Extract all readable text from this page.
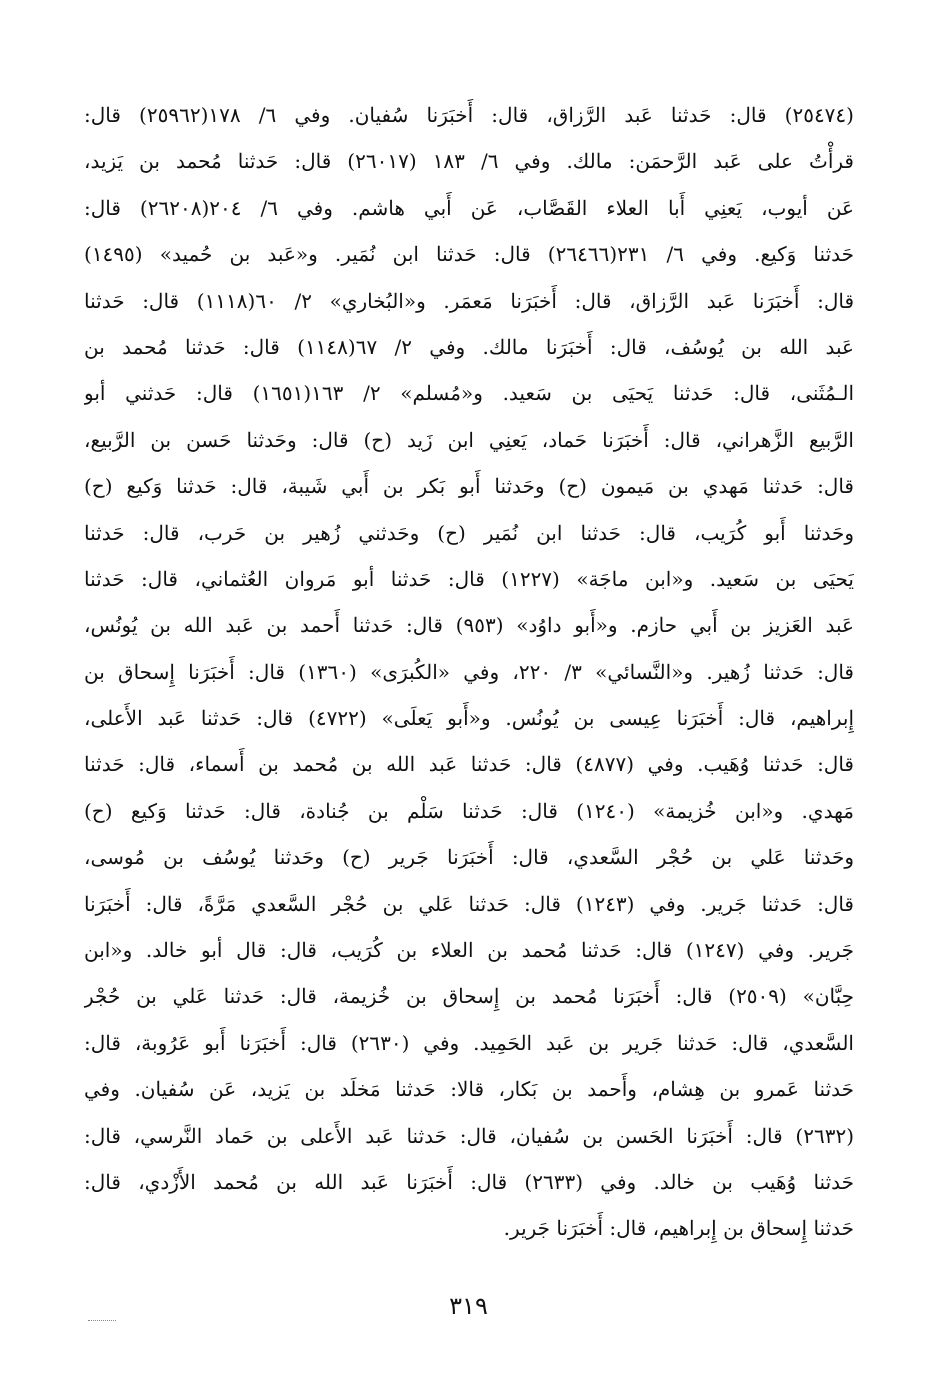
(٢٥٤٧٤) قال: حَدثنا عَبد الرَّزاق، قال: أَخبَرَنا سُفيان. وفي ٦/ ١٧٨(٢٥٩٦٢) قال:
قرأْتُ على عَبد الرَّحمَن: مالك. وفي ٦/ ١٨٣ (٢٦٠١٧) قال: حَدثنا مُحمد بن يَزيد،
عَن أيوب، يَعنِي أَبا العلاء القَصَّاب، عَن أَبي هاشم. وفي ٦/ ٢٠٤(٢٦٢٠٨) قال:
حَدثنا وَكيع. وفي ٦/ ٢٣١(٢٦٤٦٦) قال: حَدثنا ابن نُمَير. و«عَبد بن حُميد» (١٤٩٥)
قال: أَخبَرَنا عَبد الرَّزاق، قال: أَخبَرَنا مَعمَر. و«البُخاري» ٢/ ٦٠(١١١٨) قال: حَدثنا
عَبد الله بن يُوسُف، قال: أَخبَرَنا مالك. وفي ٢/ ٦٧(١١٤٨) قال: حَدثنا مُحمد بن
الـمُثَنى، قال: حَدثنا يَحيَى بن سَعيد. و«مُسلم» ٢/ ١٦٣(١٦٥١) قال: حَدثني أبو
الرَّبيع الزَّهراني، قال: أَخبَرَنا حَماد، يَعنِي ابن زَيد (ح) قال: وحَدثنا حَسن بن الرَّبيع،
قال: حَدثنا مَهدي بن مَيمون (ح) وحَدثنا أَبو بَكر بن أَبي شَيبة، قال: حَدثنا وَكيع (ح)
وحَدثنا أَبو كُرَيب، قال: حَدثنا ابن نُمَير (ح) وحَدثني زُهير بن حَرب، قال: حَدثنا
يَحيَى بن سَعيد. و«ابن ماجَة» (١٢٢٧) قال: حَدثنا أبو مَروان العُثماني، قال: حَدثنا
عَبد العَزيز بن أَبي حازم. و«أَبو داوُد» (٩٥٣) قال: حَدثنا أَحمد بن عَبد الله بن يُونُس،
قال: حَدثنا زُهير. و«النَّسائي» ٣/ ٢٢٠، وفي «الكُبرَى» (١٣٦٠) قال: أَخبَرَنا إِسحاق بن
إِبراهيم، قال: أَخبَرَنا عِيسى بن يُونُس. و«أَبو يَعلَى» (٤٧٢٢) قال: حَدثنا عَبد الأَعلى،
قال: حَدثنا وُهَيب. وفي (٤٨٧٧) قال: حَدثنا عَبد الله بن مُحمد بن أَسماء، قال: حَدثنا
مَهدي. و«ابن خُزيمة» (١٢٤٠) قال: حَدثنا سَلْم بن جُنادة، قال: حَدثنا وَكيع (ح)
وحَدثنا عَلي بن حُجْر السَّعدي، قال: أَخبَرَنا جَرير (ح) وحَدثنا يُوسُف بن مُوسى،
قال: حَدثنا جَرير. وفي (١٢٤٣) قال: حَدثنا عَلي بن حُجْر السَّعدي مَرَّةً، قال: أَخبَرَنا
جَرير. وفي (١٢٤٧) قال: حَدثنا مُحمد بن العلاء بن كُرَيب، قال: قال أبو خالد. و«ابن
حِبَّان» (٢٥٠٩) قال: أَخبَرَنا مُحمد بن إِسحاق بن خُزيمة، قال: حَدثنا عَلي بن حُجْر
السَّعدي، قال: حَدثنا جَرير بن عَبد الحَمِيد. وفي (٢٦٣٠) قال: أَخبَرَنا أَبو عَرُوبة، قال:
حَدثنا عَمرو بن هِشام، وأَحمد بن بَكار، قالا: حَدثنا مَخلَد بن يَزيد، عَن سُفيان. وفي
(٢٦٣٢) قال: أَخبَرَنا الحَسن بن سُفيان، قال: حَدثنا عَبد الأَعلى بن حَماد النَّرسي، قال:
حَدثنا وُهَيب بن خالد. وفي (٢٦٣٣) قال: أَخبَرَنا عَبد الله بن مُحمد الأَزْدي، قال:
حَدثنا إِسحاق بن إِبراهيم، قال: أَخبَرَنا جَرير.
٣١٩
